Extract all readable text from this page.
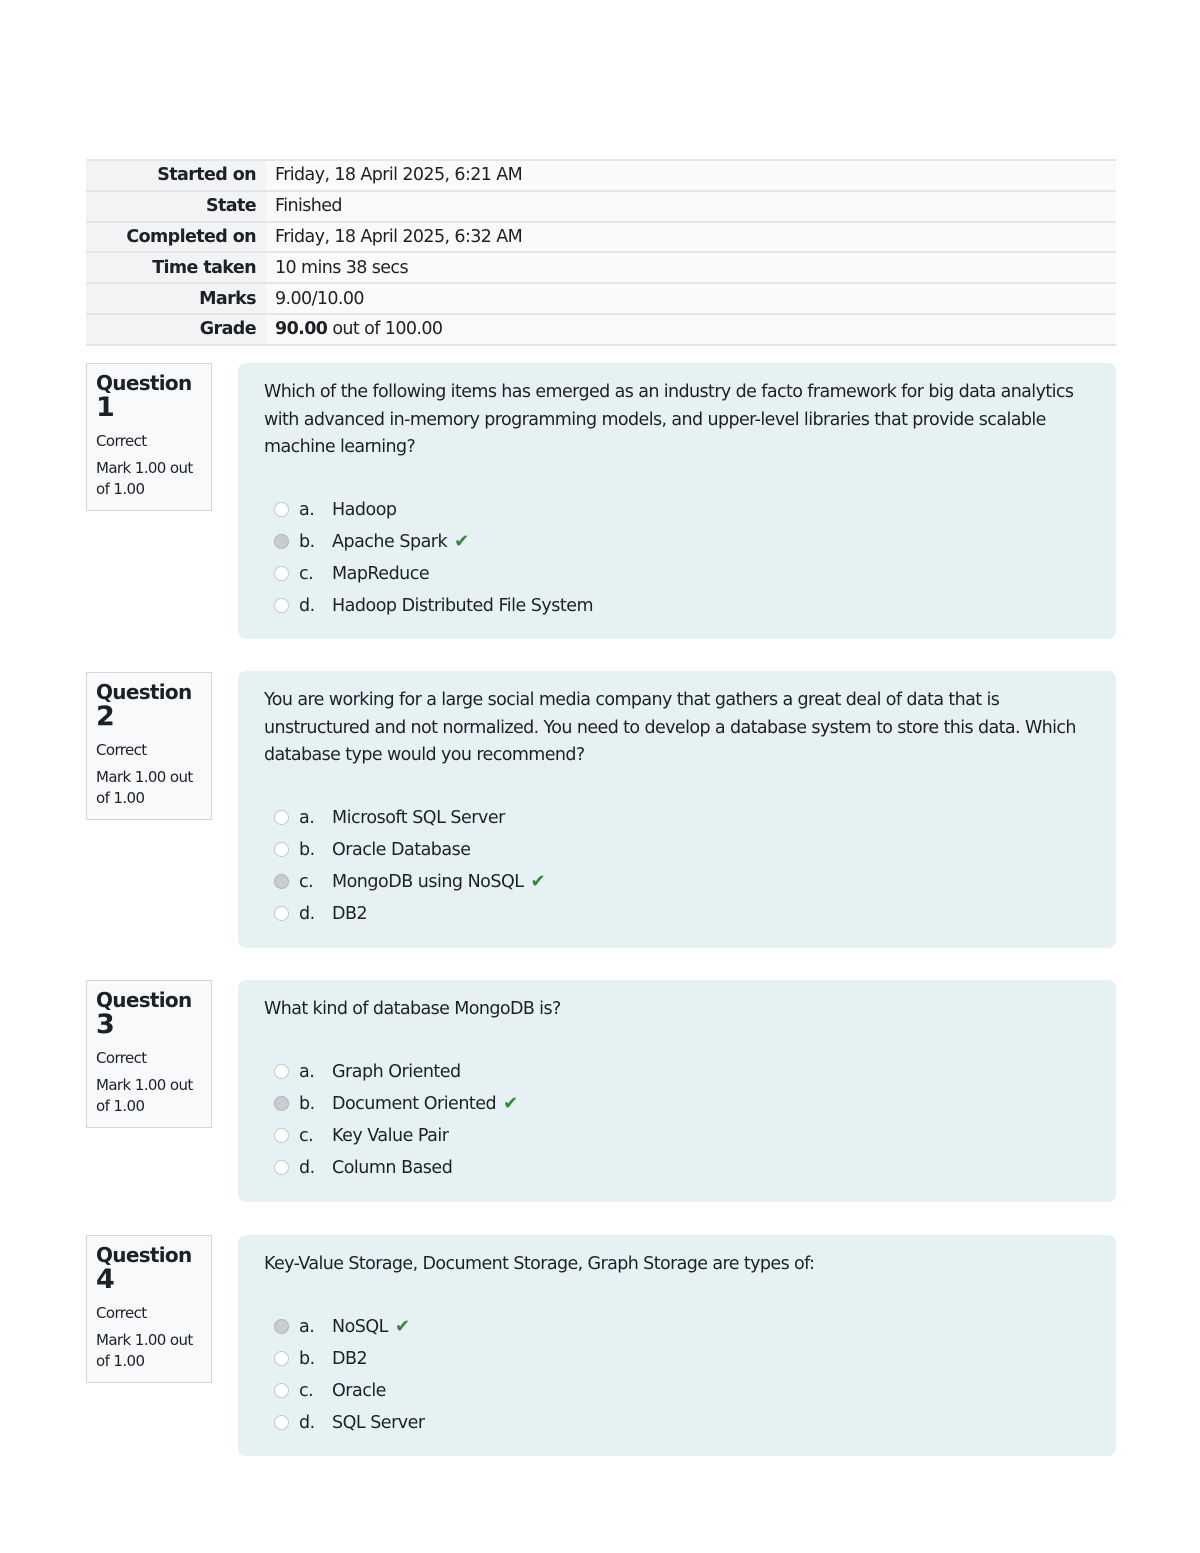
Started on	Friday, 18 April 2025, 6:21 AM
State	Finished
Completed on	Friday, 18 April 2025, 6:32 AM
Time taken	10 mins 38 secs
Marks	9.00/10.00
Grade	90.00 out of 100.00
Question
1
Correct
Mark 1.00 out of 1.00

Which of the following items has emerged as an industry de facto framework for big data analytics with advanced in-memory programming models, and upper-level libraries that provide scalable machine learning?

a.	Hadoop
b. Apache Spark ✔
c.	MapReduce
d. Hadoop Distributed File System
Question
2
Correct
Mark 1.00 out of 1.00

You are working for a large social media company that gathers a great deal of data that is unstructured and not normalized. You need to develop a database system to store this data. Which database type would you recommend?

a.	Microsoft SQL Server
b. Oracle Database
c.	MongoDB using NoSQL ✔
d. DB2
Question
3
Correct
Mark 1.00 out of 1.00

What kind of database MongoDB is?

a.	Graph Oriented
b. Document Oriented ✔
c.	Key Value Pair
d. Column Based
Question
4
Correct
Mark 1.00 out of 1.00

Key-Value Storage, Document Storage, Graph Storage are types of:

a.	NoSQL ✔
b. DB2
c.	Oracle
d. SQL Server
